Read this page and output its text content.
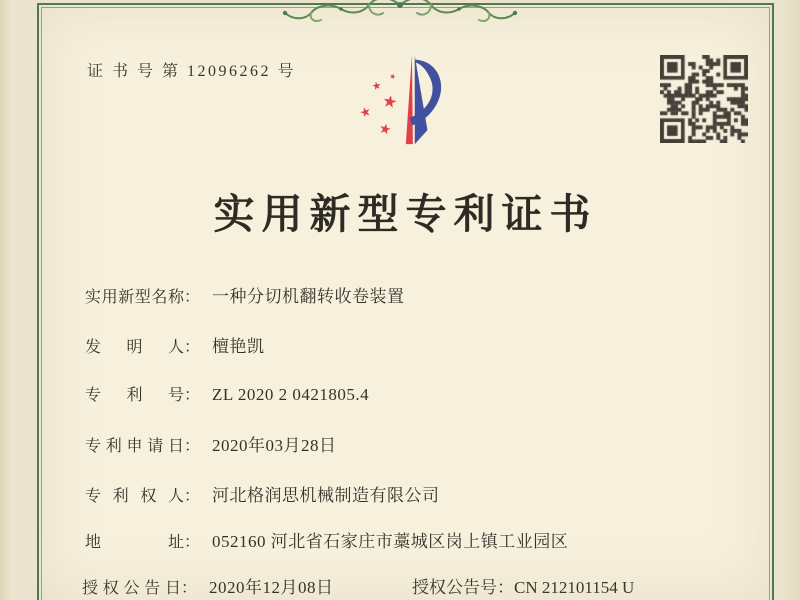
证 书 号 第 12096262 号
实用新型专利证书
实用新型名称： 一种分切机翻转收卷装置
发明人： 檀艳凯
专利号： ZL 2020 2 0421805.4
专利申请日： 2020年03月28日
专利权人： 河北格润思机械制造有限公司
地址： 052160 河北省石家庄市藁城区岗上镇工业园区
授权公告日： 2020年12月08日	授权公告号：CN 212101154 U
